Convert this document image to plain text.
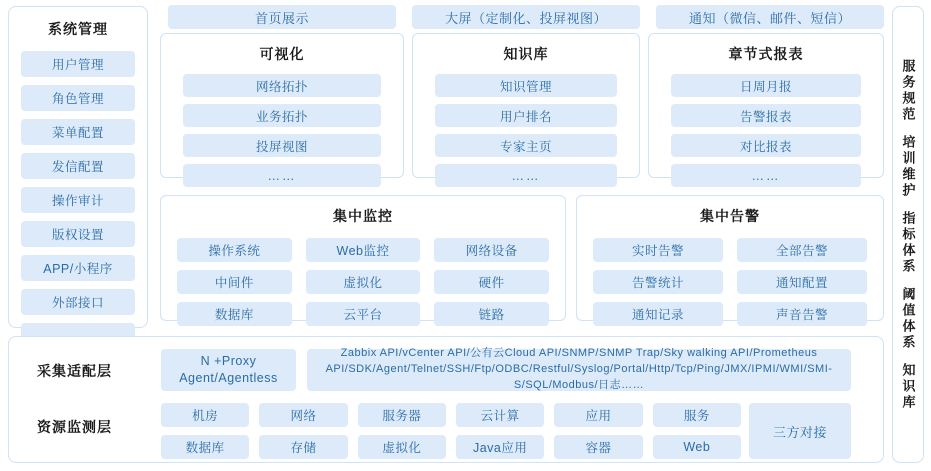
系统管理
用户管理
角色管理
菜单配置
发信配置
操作审计
版权设置
APP/小程序
外部接口
首页展示	大屏（定制化、投屏视图）	通知（微信、邮件、短信）
可视化
网络拓扑
业务拓扑
投屏视图
……
知识库
知识管理
用户排名
专家主页
……
章节式报表
日周月报
告警报表
对比报表
……
集中监控
操作系统	Web监控	网络设备
中间件	虚拟化	硬件
数据库	云平台	链路
集中告警
实时告警	全部告警
告警统计	通知配置
通知记录	声音告警
服务规范
培训维护
指标体系
阈值体系
知识库
采集适配层
资源监测层
N +Proxy
Agent/Agentless
Zabbix API/vCenter API/公有云Cloud API/SNMP/SNMP Trap/Sky walking API/Prometheus API/SDK/Agent/Telnet/SSH/Ftp/ODBC/Restful/Syslog/Portal/Http/Tcp/Ping/JMX/IPMI/WMI/SMI-S/SQL/Modbus/日志……
机房	网络	服务器	云计算	应用	服务
数据库	存储	虚拟化	Java应用	容器	Web
三方对接
